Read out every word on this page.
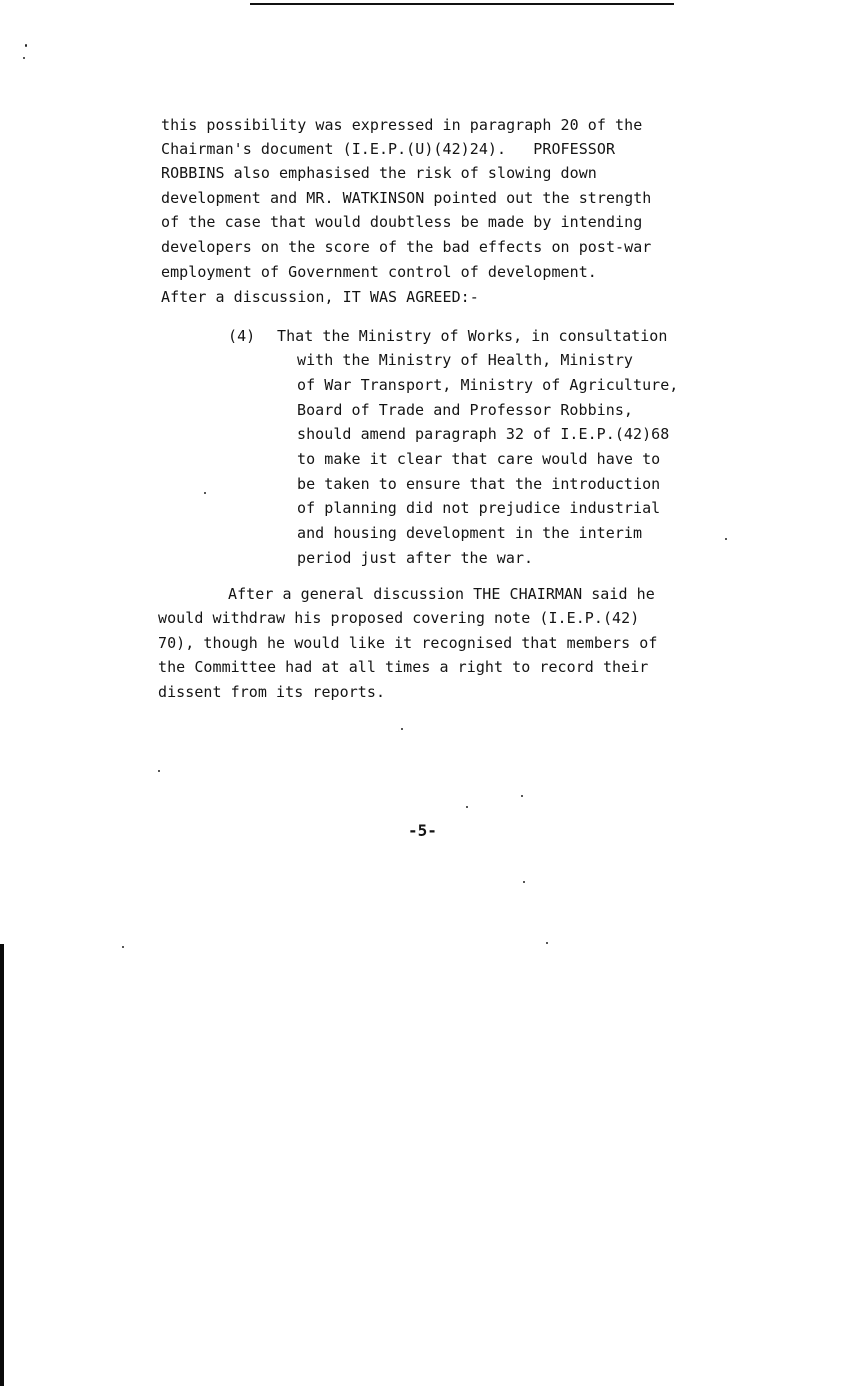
this possibility was expressed in paragraph 20 of the
Chairman's document (I.E.P.(U)(42)24).   PROFESSOR
ROBBINS also emphasised the risk of slowing down
development and MR. WATKINSON pointed out the strength
of the case that would doubtless be made by intending
developers on the score of the bad effects on post-war
employment of Government control of development.
After a discussion, IT WAS AGREED:-
(4) That the Ministry of Works, in consultation
with the Ministry of Health, Ministry
of War Transport, Ministry of Agriculture,
Board of Trade and Professor Robbins,
should amend paragraph 32 of I.E.P.(42)68
to make it clear that care would have to
be taken to ensure that the introduction
of planning did not prejudice industrial
and housing development in the interim
period just after the war.
After a general discussion THE CHAIRMAN said he
would withdraw his proposed covering note (I.E.P.(42)
70), though he would like it recognised that members of
the Committee had at all times a right to record their
dissent from its reports.
-5-
